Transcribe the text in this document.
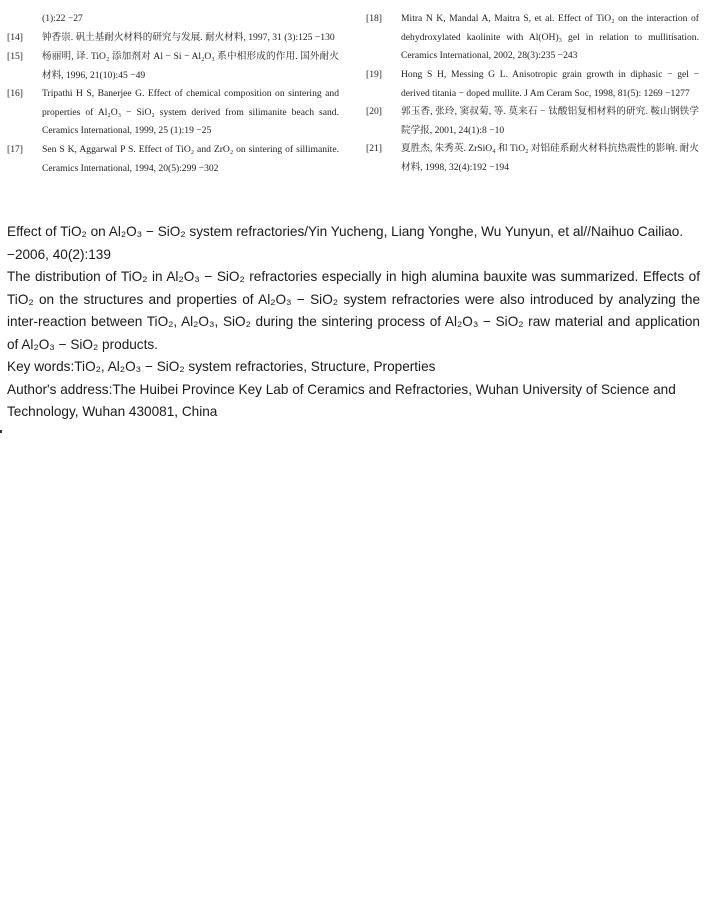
(1):22 −27
[14]	钟香崇. 矾土基耐火材料的研究与发展. 耐火材料, 1997, 31 (3):125 −130
[15]	杨丽明, 译. TiO₂ 添加剂对 Al − Si − Al₂O₃ 系中相形成的作用. 国外耐火材料, 1996, 21(10):45 −49
[16]	Tripathi H S, Banerjee G. Effect of chemical composition on sintering and properties of Al₂O₃ − SiO₂ system derived from silimanite beach sand. Ceramics International, 1999, 25 (1):19 −25
[17]	Sen S K, Aggarwal P S. Effect of TiO₂ and ZrO₂ on sintering of sillimanite. Ceramics International, 1994, 20(5):299 −302
[18]	Mitra N K, Mandal A, Maitra S, et al. Effect of TiO₂ on the interaction of dehydroxylated kaolinite with Al(OH)₃ gel in relation to mullitisation. Ceramics International, 2002, 28(3):235 −243
[19]	Hong S H, Messing G L. Anisotropic grain growth in diphasic − gel − derived titania − doped mullite. J Am Ceram Soc, 1998, 81(5): 1269 −1277
[20]	郭玉香, 张玲, 窦叔菊, 等. 莫来石 − 钛酸铝复相材料的研究. 鞍山钢铁学院学报, 2001, 24(1):8 −10
[21]	夏胜杰, 朱秀英. ZrSiO₄ 和 TiO₂ 对铝硅系耐火材料抗热震性的影响. 耐火材料, 1998, 32(4):192 −194

Effect of TiO₂ on Al₂O₃ − SiO₂ system refractories/Yin Yucheng, Liang Yonghe, Wu Yunyun, et al//Naihuo Cailiao. −2006, 40(2):139

The distribution of TiO₂ in Al₂O₃ − SiO₂ refractories especially in high alumina bauxite was summarized. Effects of TiO₂ on the structures and properties of Al₂O₃ − SiO₂ system refractories were also introduced by analyzing the inter-reaction between TiO₂, Al₂O₃, SiO₂ during the sintering process of Al₂O₃ − SiO₂ raw material and application of Al₂O₃ − SiO₂ products.

Key words:TiO₂, Al₂O₃ − SiO₂ system refractories, Structure, Properties

Author's address:The Huibei Province Key Lab of Ceramics and Refractories, Wuhan University of Science and Technology, Wuhan 430081, China
